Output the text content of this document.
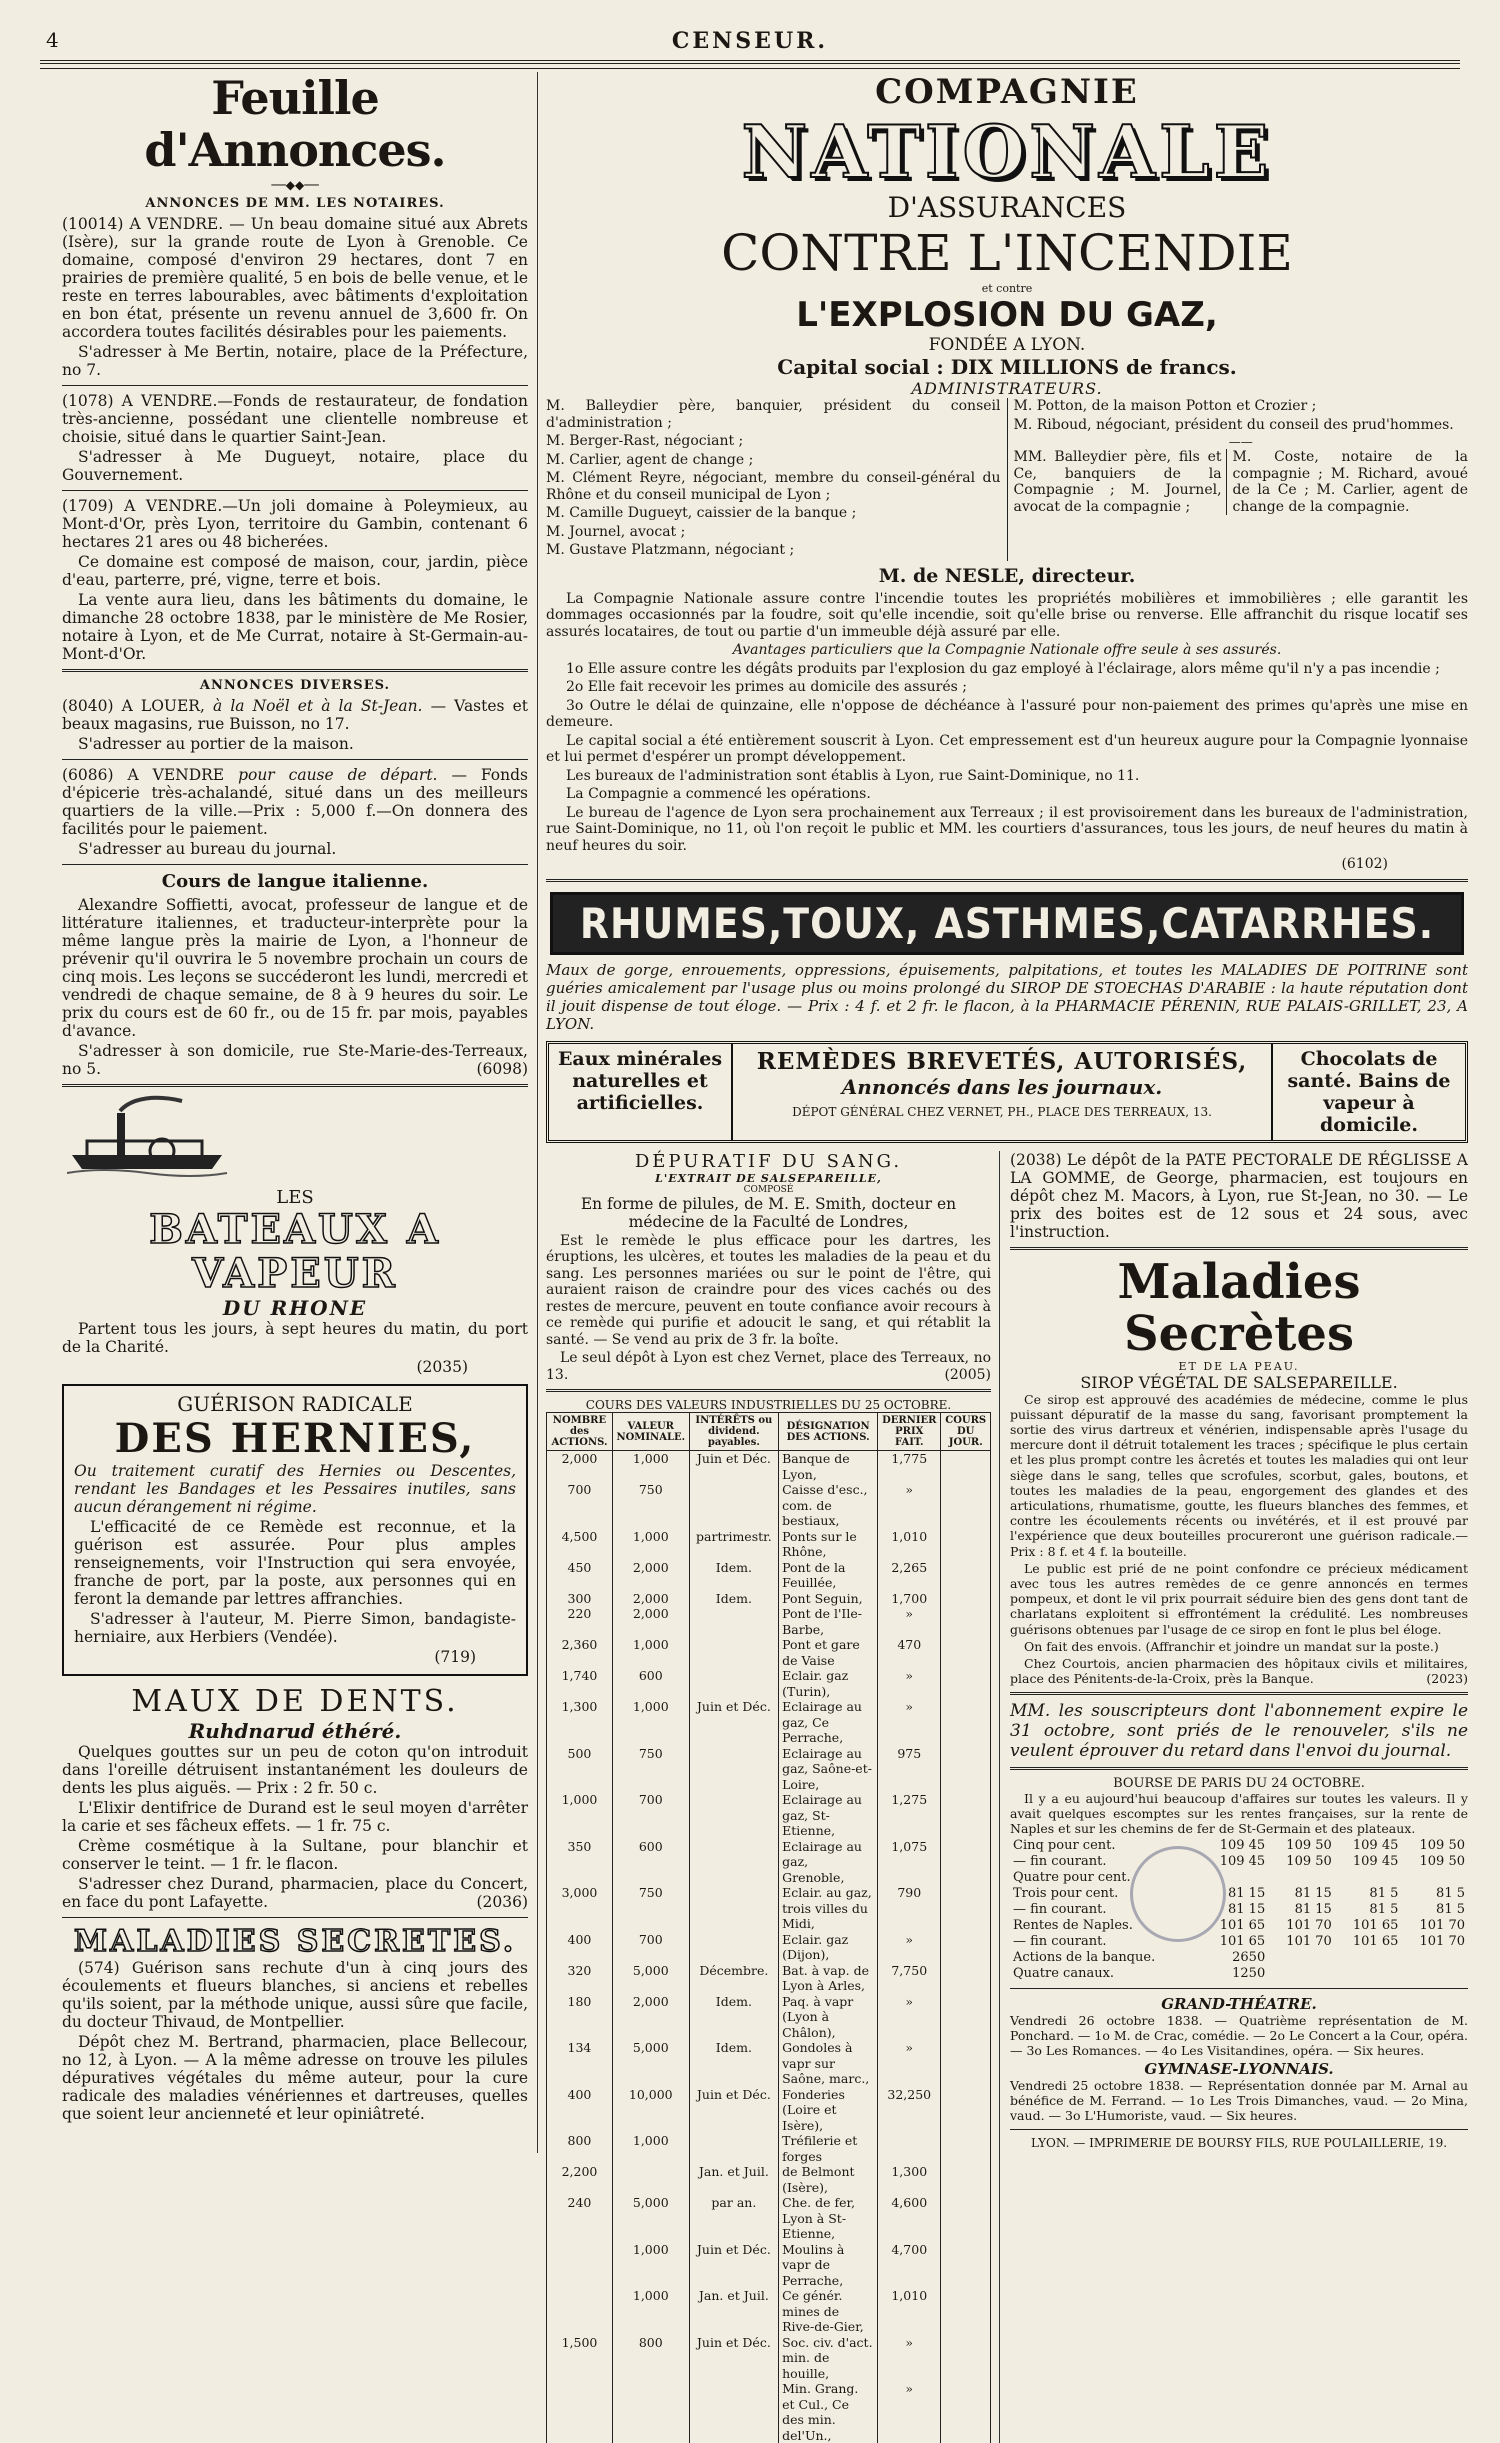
4	CENSEUR.
Feuille d'Annonces.
──◆◆──
ANNONCES DE MM. LES NOTAIRES.

(10014) A VENDRE. — Un beau domaine situé aux Abrets (Isère), sur la grande route de Lyon à Grenoble. Ce domaine, composé d'environ 29 hectares, dont 7 en prairies de première qualité, 5 en bois de belle venue, et le reste en terres labourables, avec bâtiments d'exploitation en bon état, présente un revenu annuel de 3,600 fr. On accordera toutes facilités désirables pour les paiements.

S'adresser à Me Bertin, notaire, place de la Préfecture, no 7.

(1078) A VENDRE.—Fonds de restaurateur, de fondation très-ancienne, possédant une clientelle nombreuse et choisie, situé dans le quartier Saint-Jean.

S'adresser à Me Dugueyt, notaire, place du Gouvernement.

(1709) A VENDRE.—Un joli domaine à Poleymieux, au Mont-d'Or, près Lyon, territoire du Gambin, contenant 6 hectares 21 ares ou 48 bicherées.

Ce domaine est composé de maison, cour, jardin, pièce d'eau, parterre, pré, vigne, terre et bois.

La vente aura lieu, dans les bâtiments du domaine, le dimanche 28 octobre 1838, par le ministère de Me Rosier, notaire à Lyon, et de Me Currat, notaire à St-Germain-au-Mont-d'Or.

ANNONCES DIVERSES.

(8040) A LOUER, à la Noël et à la St-Jean. — Vastes et beaux magasins, rue Buisson, no 17.

S'adresser au portier de la maison.

(6086) A VENDRE pour cause de départ. — Fonds d'épicerie très-achalandé, situé dans un des meilleurs quartiers de la ville.—Prix : 5,000 f.—On donnera des facilités pour le paiement.

S'adresser au bureau du journal.

Cours de langue italienne.

Alexandre Soffietti, avocat, professeur de langue et de littérature italiennes, et traducteur-interprète pour la même langue près la mairie de Lyon, a l'honneur de prévenir qu'il ouvrira le 5 novembre prochain un cours de cinq mois. Les leçons se succéderont les lundi, mercredi et vendredi de chaque semaine, de 8 à 9 heures du soir. Le prix du cours est de 60 fr., ou de 15 fr. par mois, payables d'avance.

S'adresser à son domicile, rue Ste-Marie-des-Terreaux, no 5.	(6098)

LES
BATEAUX A VAPEUR
DU RHONE

Partent tous les jours, à sept heures du matin, du port de la Charité.

(2035)

GUÉRISON RADICALE
DES HERNIES,

Ou traitement curatif des Hernies ou Descentes, rendant les Bandages et les Pessaires inutiles, sans aucun dérangement ni régime.

L'efficacité de ce Remède est reconnue, et la guérison est assurée. Pour plus amples renseignements, voir l'Instruction qui sera envoyée, franche de port, par la poste, aux personnes qui en feront la demande par lettres affranchies.

S'adresser à l'auteur, M. Pierre Simon, bandagiste-herniaire, aux Herbiers (Vendée).

(719)

MAUX DE DENTS.
Ruhdnarud éthéré.

Quelques gouttes sur un peu de coton qu'on introduit dans l'oreille détruisent instantanément les douleurs de dents les plus aiguës. — Prix : 2 fr. 50 c.

L'Elixir dentifrice de Durand est le seul moyen d'arrêter la carie et ses fâcheux effets. — 1 fr. 75 c.

Crème cosmétique à la Sultane, pour blanchir et conserver le teint. — 1 fr. le flacon.

S'adresser chez Durand, pharmacien, place du Concert, en face du pont Lafayette.	(2036)

MALADIES SECRETES.

(574) Guérison sans rechute d'un à cinq jours des écoulements et flueurs blanches, si anciens et rebelles qu'ils soient, par la méthode unique, aussi sûre que facile, du docteur Thivaud, de Montpellier.

Dépôt chez M. Bertrand, pharmacien, place Bellecour, no 12, à Lyon. — A la même adresse on trouve les pilules dépuratives végétales du même auteur, pour la cure radicale des maladies vénériennes et dartreuses, quelles que soient leur ancienneté et leur opiniâtreté.

COMPAGNIE
NATIONALE
D'ASSURANCES
CONTRE L'INCENDIE
et contre
L'EXPLOSION DU GAZ,
FONDÉE A LYON.
Capital social : DIX MILLIONS de francs.
ADMINISTRATEURS.

M. Balleydier père, banquier, président du conseil d'administration ;

M. Berger-Rast, négociant ;

M. Carlier, agent de change ;

M. Clément Reyre, négociant, membre du conseil-général du Rhône et du conseil municipal de Lyon ;

M. Camille Dugueyt, caissier de la banque ;

M. Journel, avocat ;

M. Gustave Platzmann, négociant ;

M. Potton, de la maison Potton et Crozier ;

M. Riboud, négociant, président du conseil des prud'hommes.

——

MM. Balleydier père, fils et Ce, banquiers de la Compagnie ; M. Journel, avocat de la compagnie ;

M. Coste, notaire de la compagnie ; M. Richard, avoué de la Ce ; M. Carlier, agent de change de la compagnie.

M. de NESLE, directeur.

La Compagnie Nationale assure contre l'incendie toutes les propriétés mobilières et immobilières ; elle garantit les dommages occasionnés par la foudre, soit qu'elle incendie, soit qu'elle brise ou renverse. Elle affranchit du risque locatif ses assurés locataires, de tout ou partie d'un immeuble déjà assuré par elle.

Avantages particuliers que la Compagnie Nationale offre seule à ses assurés.

1o Elle assure contre les dégâts produits par l'explosion du gaz employé à l'éclairage, alors même qu'il n'y a pas incendie ;

2o Elle fait recevoir les primes au domicile des assurés ;

3o Outre le délai de quinzaine, elle n'oppose de déchéance à l'assuré pour non-paiement des primes qu'après une mise en demeure.

Le capital social a été entièrement souscrit à Lyon. Cet empressement est d'un heureux augure pour la Compagnie lyonnaise et lui permet d'espérer un prompt développement.

Les bureaux de l'administration sont établis à Lyon, rue Saint-Dominique, no 11.

La Compagnie a commencé les opérations.

Le bureau de l'agence de Lyon sera prochainement aux Terreaux ; il est provisoirement dans les bureaux de l'administration, rue Saint-Dominique, no 11, où l'on reçoit le public et MM. les courtiers d'assurances, tous les jours, de neuf heures du matin à neuf heures du soir.

(6102)

RHUMES,TOUX, ASTHMES,CATARRHES.

Maux de gorge, enrouements, oppressions, épuisements, palpitations, et toutes les MALADIES DE POITRINE sont guéries amicalement par l'usage plus ou moins prolongé du SIROP DE STOECHAS D'ARABIE : la haute réputation dont il jouit dispense de tout éloge. — Prix : 4 f. et 2 fr. le flacon, à la PHARMACIE PÉRENIN, RUE PALAIS-GRILLET, 23, A LYON.

Eaux minérales naturelles et artificielles.
REMÈDES BREVETÉS, AUTORISÉS,
Annoncés dans les journaux.
DÉPOT GÉNÉRAL CHEZ VERNET, PH., PLACE DES TERREAUX, 13.
Chocolats de santé. Bains de vapeur à domicile.
DÉPURATIF DU SANG.
L'EXTRAIT DE SALSEPAREILLE,
COMPOSÉ

En forme de pilules, de M. E. Smith, docteur en médecine de la Faculté de Londres,

Est le remède le plus efficace pour les dartres, les éruptions, les ulcères, et toutes les maladies de la peau et du sang. Les personnes mariées ou sur le point de l'être, qui auraient raison de craindre pour des vices cachés ou des restes de mercure, peuvent en toute confiance avoir recours à ce remède qui purifie et adoucit le sang, et qui rétablit la santé. — Se vend au prix de 3 fr. la boîte.

Le seul dépôt à Lyon est chez Vernet, place des Terreaux, no 13.	(2005)

COURS DES VALEURS INDUSTRIELLES DU 25 OCTOBRE.
NOMBRE des ACTIONS.	VALEUR NOMINALE.	INTÉRÊTS ou dividend. payables.	DÉSIGNATION DES ACTIONS.	DERNIER PRIX FAIT.	COURS DU JOUR.
2,000	1,000	Juin et Déc.	Banque de Lyon,	1,775	
700	750		Caisse d'esc., com. de bestiaux,	»	
4,500	1,000	partrimestr.	Ponts sur le Rhône,	1,010	
450	2,000	Idem.	Pont de la Feuillée,	2,265	
300	2,000	Idem.	Pont Seguin,	1,700	
220	2,000		Pont de l'Ile-Barbe,	»	
2,360	1,000		Pont et gare de Vaise	470	
1,740	600		Eclair. gaz (Turin),	»	
1,300	1,000	Juin et Déc.	Eclairage au gaz, Ce Perrache,	»	
500	750		Eclairage au gaz, Saône-et-Loire,	975	
1,000	700		Eclairage au gaz, St-Etienne,	1,275	
350	600		Eclairage au gaz, Grenoble,	1,075	
3,000	750		Eclair. au gaz, trois villes du Midi,	790	
400	700		Eclair. gaz (Dijon),	»	
320	5,000	Décembre.	Bat. à vap. de Lyon à Arles,	7,750	
180	2,000	Idem.	Paq. à vapr (Lyon à Châlon),	»	
134	5,000	Idem.	Gondoles à vapr sur Saône, marc.,	»	
400	10,000	Juin et Déc.	Fonderies (Loire et Isère),	32,250	
800	1,000		Tréfilerie et forges		
2,200		Jan. et Juil.	de Belmont (Isère),	1,300	
240	5,000	par an.	Che. de fer, Lyon à St-Etienne,	4,600	
	1,000	Juin et Déc.	Moulins à vapr de Perrache,	4,700	
	1,000	Jan. et Juil.	Ce génér. mines de Rive-de-Gier,	1,010	
1,500	800	Juin et Déc.	Soc. civ. d'act. min. de houille,	»	
			Min. Grang. et Cul., Ce des min. del'Un.,	»	

(2038) Le dépôt de la PATE PECTORALE DE RÉGLISSE A LA GOMME, de George, pharmacien, est toujours en dépôt chez M. Macors, à Lyon, rue St-Jean, no 30. — Le prix des boites est de 12 sous et 24 sous, avec l'instruction.

Maladies Secrètes
ET DE LA PEAU.
SIROP VÉGÉTAL DE SALSEPAREILLE.

Ce sirop est approuvé des académies de médecine, comme le plus puissant dépuratif de la masse du sang, favorisant promptement la sortie des virus dartreux et vénérien, indispensable après l'usage du mercure dont il détruit totalement les traces ; spécifique le plus certain et les plus prompt contre les âcretés et toutes les maladies qui ont leur siège dans le sang, telles que scrofules, scorbut, gales, boutons, et toutes les maladies de la peau, engorgement des glandes et des articulations, rhumatisme, goutte, les flueurs blanches des femmes, et contre les écoulements récents ou invétérés, et il est prouvé par l'expérience que deux bouteilles procureront une guérison radicale.— Prix : 8 f. et 4 f. la bouteille.

Le public est prié de ne point confondre ce précieux médicament avec tous les autres remèdes de ce genre annoncés en termes pompeux, et dont le vil prix pourrait séduire bien des gens dont tant de charlatans exploitent si effrontément la crédulité. Les nombreuses guérisons obtenues par l'usage de ce sirop en font le plus bel éloge.

On fait des envois. (Affranchir et joindre un mandat sur la poste.)

Chez Courtois, ancien pharmacien des hôpitaux civils et militaires, place des Pénitents-de-la-Croix, près la Banque.	(2023)

MM. les souscripteurs dont l'abonnement expire le 31 octobre, sont priés de le renouveler, s'ils ne veulent éprouver du retard dans l'envoi du journal.

BOURSE DE PARIS DU 24 OCTOBRE.

Il y a eu aujourd'hui beaucoup d'affaires sur toutes les valeurs. Il y avait quelques escomptes sur les rentes françaises, sur la rente de Naples et sur les chemins de fer de St-Germain et des plateaux.

Cinq pour cent.	109 45	109 50	109 45	109 50
— fin courant.	109 45	109 50	109 45	109 50
Quatre pour cent.				
Trois pour cent.	81 15	81 15	81 5	81 5
— fin courant.	81 15	81 15	81 5	81 5
Rentes de Naples.	101 65	101 70	101 65	101 70
— fin courant.	101 65	101 70	101 65	101 70
Actions de la banque.	2650			
Quatre canaux.	1250			
GRAND-THÉATRE.

Vendredi 26 octobre 1838. — Quatrième représentation de M. Ponchard. — 1o M. de Crac, comédie. — 2o Le Concert a la Cour, opéra. — 3o Les Romances. — 4o Les Visitandines, opéra. — Six heures.

GYMNASE-LYONNAIS.

Vendredi 25 octobre 1838. — Représentation donnée par M. Arnal au bénéfice de M. Ferrand. — 1o Les Trois Dimanches, vaud. — 2o Mina, vaud. — 3o L'Humoriste, vaud. — Six heures.

LYON. — IMPRIMERIE DE BOURSY FILS, RUE POULAILLERIE, 19.
